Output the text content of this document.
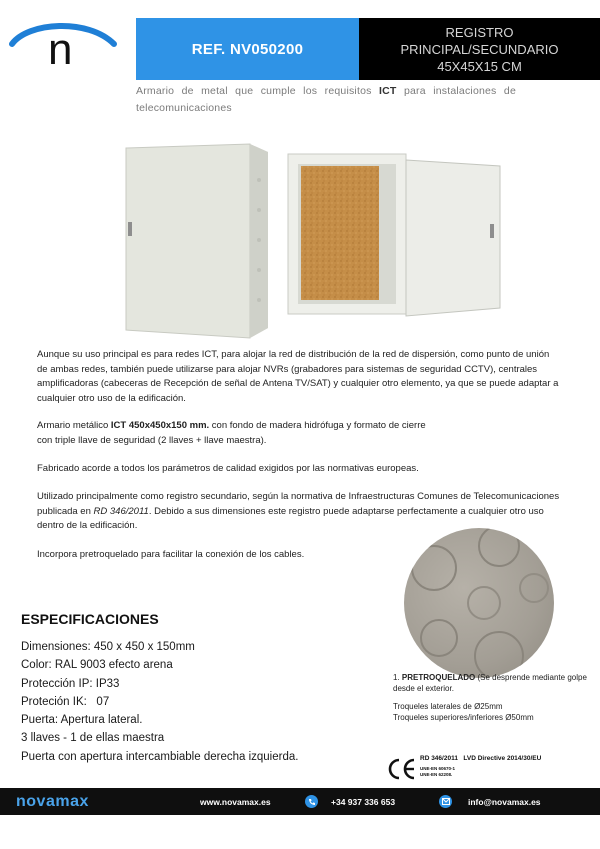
n	REF. NV050200
REGISTRO
PRINCIPAL/SECUNDARIO
45X45X15 CM
Armario de metal que cumple los requisitos ICT para instalaciones de telecomunicaciones
Aunque su uso principal es para redes ICT, para alojar la red de distribución de la red de dispersión, como punto de unión de ambas redes, también puede utilizarse para alojar NVRs (grabadores para sistemas de seguridad CCTV), centrales amplificadoras (cabeceras de Recepción de señal de Antena TV/SAT) y cualquier otro elemento, ya que se puede adaptar a cualquier otro uso de la edificación.
Armario metálico ICT 450x450x150 mm. con fondo de madera hidrófuga y formato de cierre con triple llave de seguridad (2 llaves + llave maestra).
Fabricado acorde a todos los parámetros de calidad exigidos por las normativas europeas.
Utilizado principalmente como registro secundario, según la normativa de Infraestructuras Comunes de Telecomunicaciones publicada en RD 346/2011. Debido a sus dimensiones este registro puede adaptarse perfectamente a cualquier otro uso dentro de la edificación.
Incorpora pretroquelado para facilitar la conexión de los cables.
ESPECIFICACIONES
Dimensiones: 450 x 450 x 150mm
Color: RAL 9003 efecto arena
Protección IP: IP33
Proteción IK:   07
Puerta: Apertura lateral.
3 llaves - 1 de ellas maestra
Puerta con apertura intercambiable derecha izquierda.
1. PRETROQUELADO (Se desprende mediante golpe desde el exterior.
Troqueles laterales de Ø25mm
Troqueles superiores/inferiores Ø50mm
RD 346/2011   LVD Directive 2014/30/EU
UNE-EN 60670-1
UNE-EN 62208.
novamax	www.novamax.es	+34 937 336 653	info@novamax.es
